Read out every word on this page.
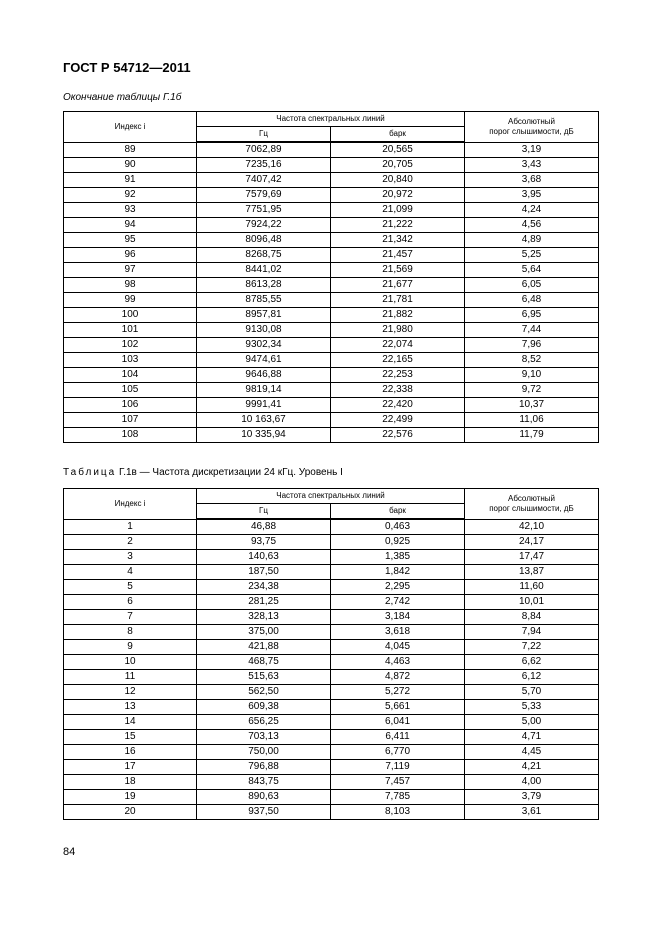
ГОСТ Р 54712—2011
Окончание таблицы Г.1б
Индекс i	Частота спектральных линий		Абсолютный
порог слышимости, дБ
	Гц	барк	
89	7062,89	20,565	3,19
90	7235,16	20,705	3,43
91	7407,42	20,840	3,68
92	7579,69	20,972	3,95
93	7751,95	21,099	4,24
94	7924,22	21,222	4,56
95	8096,48	21,342	4,89
96	8268,75	21,457	5,25
97	8441,02	21,569	5,64
98	8613,28	21,677	6,05
99	8785,55	21,781	6,48
100	8957,81	21,882	6,95
101	9130,08	21,980	7,44
102	9302,34	22,074	7,96
103	9474,61	22,165	8,52
104	9646,88	22,253	9,10
105	9819,14	22,338	9,72
106	9991,41	22,420	10,37
107	10 163,67	22,499	11,06
108	10 335,94	22,576	11,79
Таблица Г.1в — Частота дискретизации 24 кГц. Уровень I
Индекс i	Частота спектральных линий		Абсолютный
порог слышимости, дБ
	Гц	барк	
1	46,88	0,463	42,10
2	93,75	0,925	24,17
3	140,63	1,385	17,47
4	187,50	1,842	13,87
5	234,38	2,295	11,60
6	281,25	2,742	10,01
7	328,13	3,184	8,84
8	375,00	3,618	7,94
9	421,88	4,045	7,22
10	468,75	4,463	6,62
11	515,63	4,872	6,12
12	562,50	5,272	5,70
13	609,38	5,661	5,33
14	656,25	6,041	5,00
15	703,13	6,411	4,71
16	750,00	6,770	4,45
17	796,88	7,119	4,21
18	843,75	7,457	4,00
19	890,63	7,785	3,79
20	937,50	8,103	3,61
84
